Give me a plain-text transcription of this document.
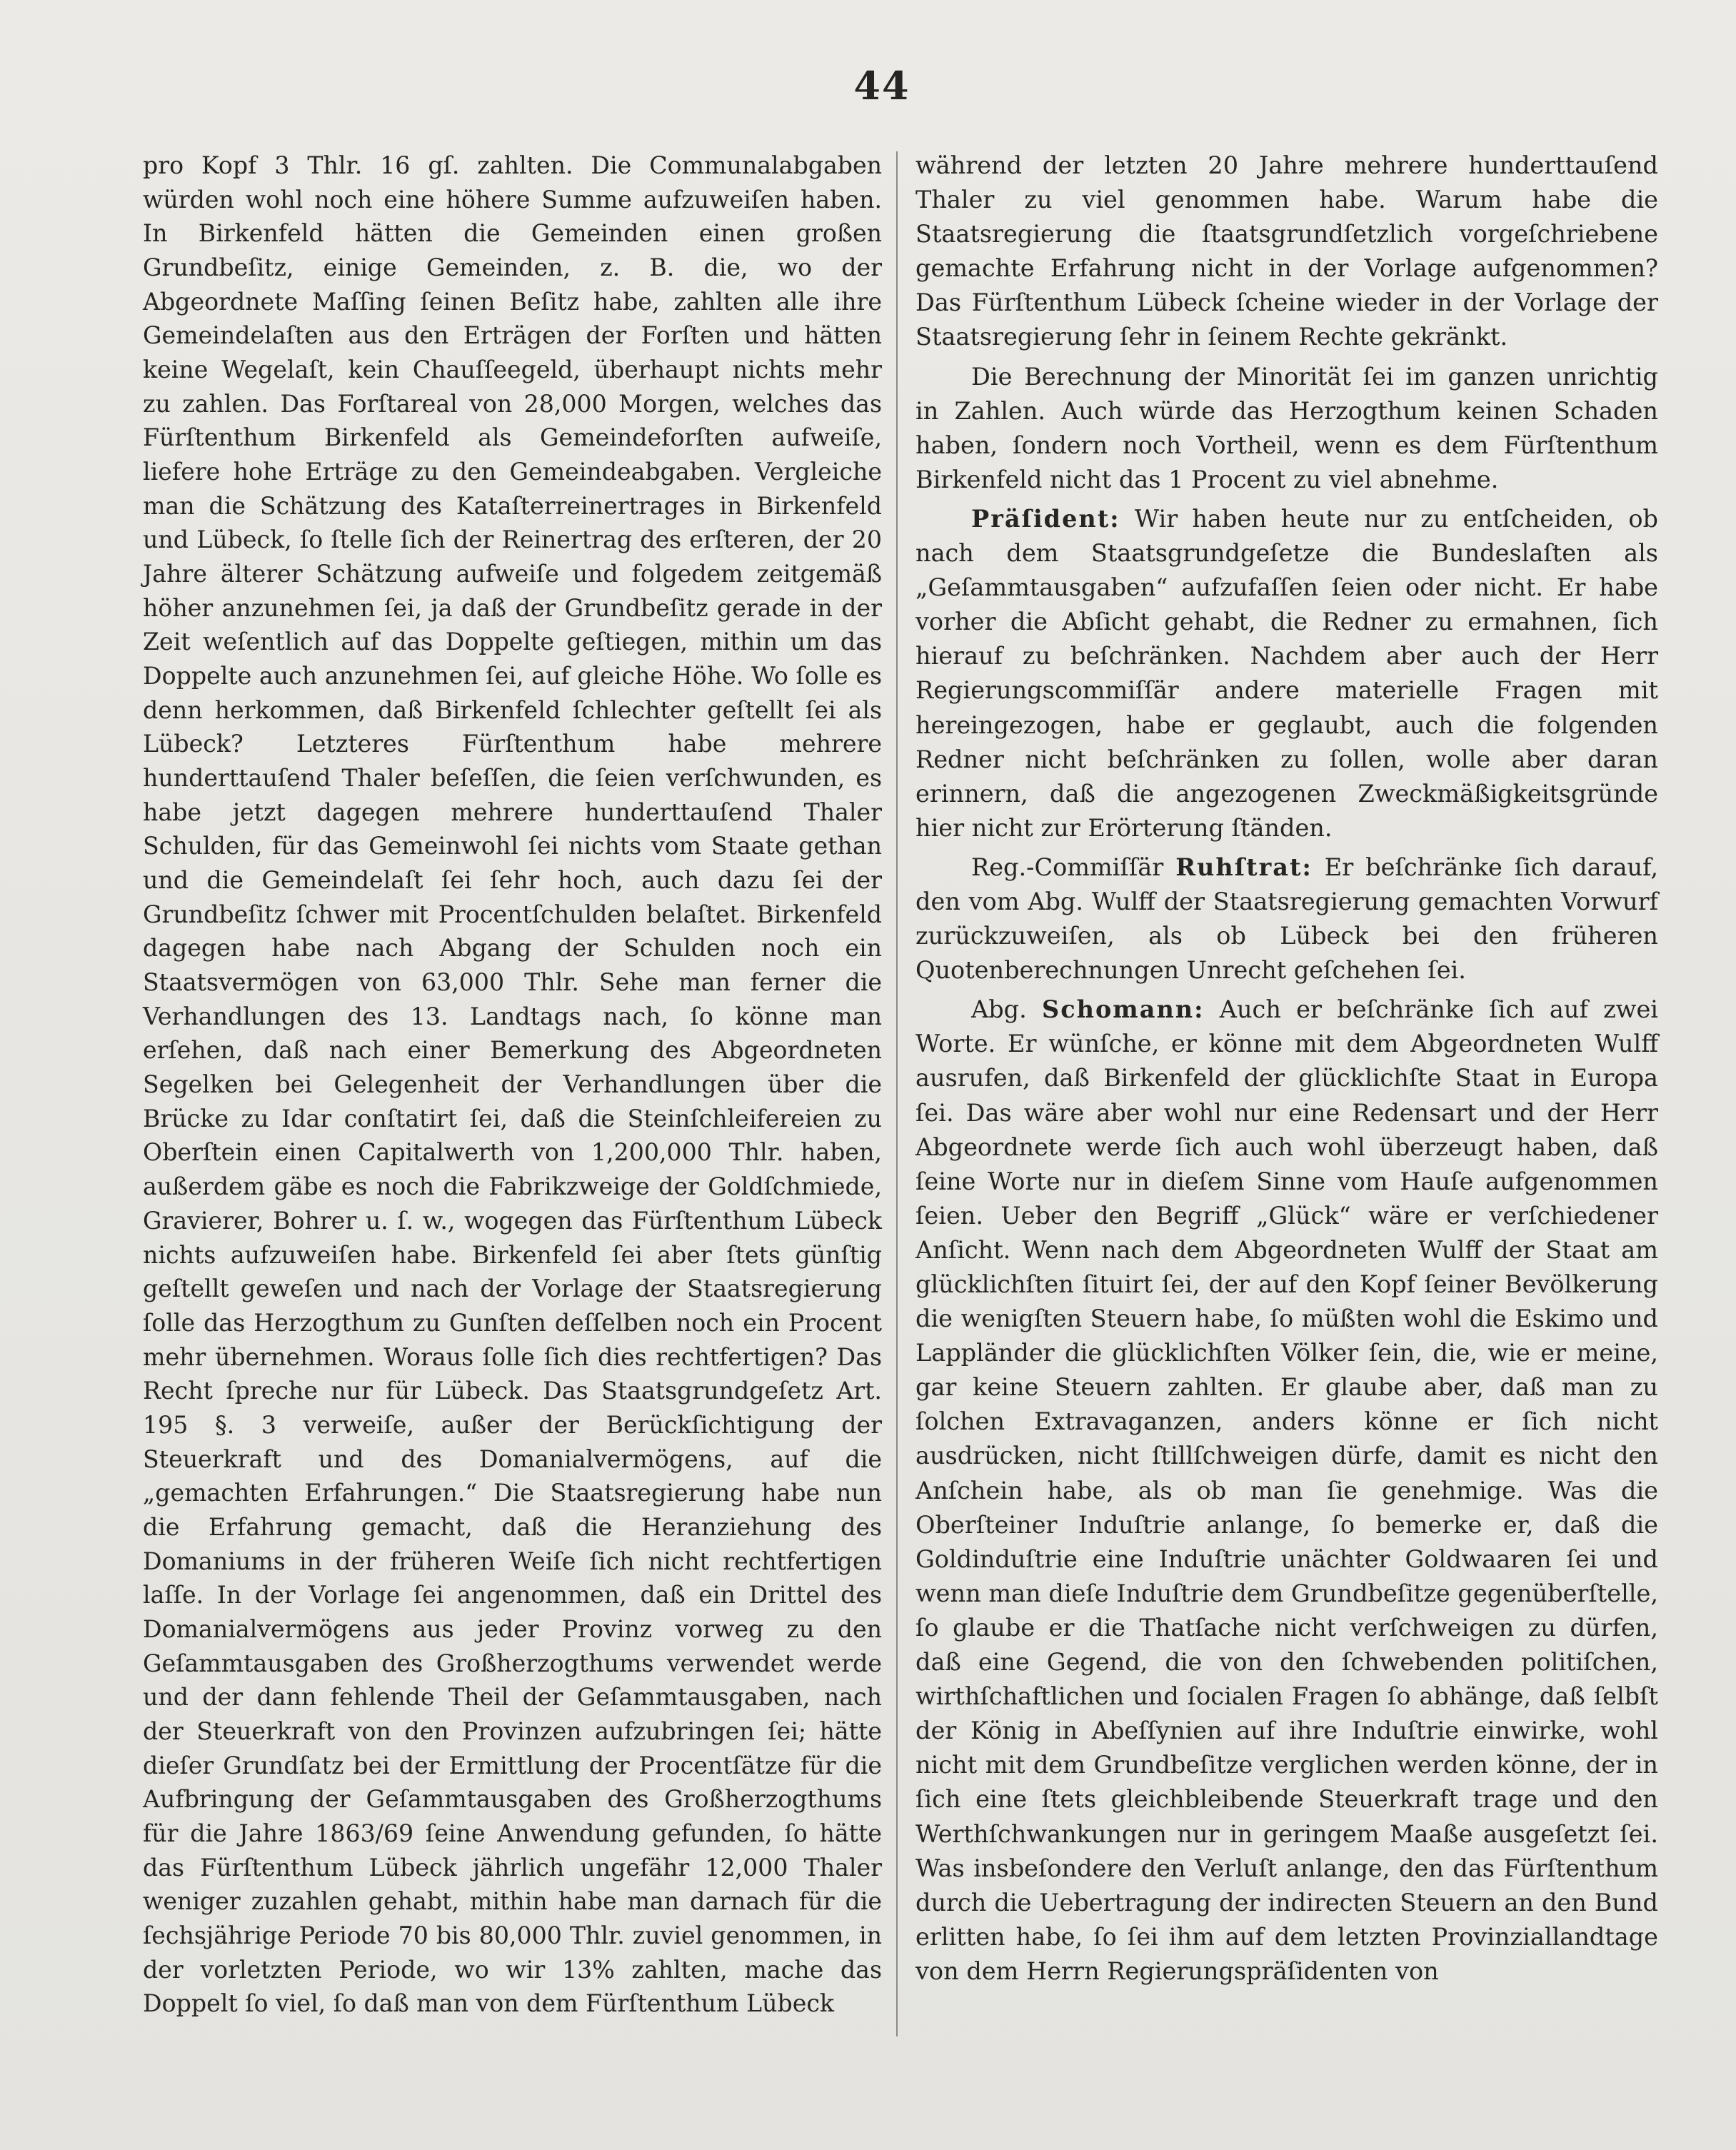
44

pro Kopf 3 Thlr. 16 gſ. zahlten. Die Communalabgaben würden wohl noch eine höhere Summe aufzuweiſen haben. In Birkenfeld hätten die Gemeinden einen großen Grundbeſitz, einige Gemeinden, z. B. die, wo der Abgeordnete Maſſing ſeinen Beſitz habe, zahlten alle ihre Gemeindelaſten aus den Erträgen der Forſten und hätten keine Wegelaſt, kein Chauſſeegeld, überhaupt nichts mehr zu zahlen. Das Forſtareal von 28,000 Morgen, welches das Fürſtenthum Birkenfeld als Gemeindeforſten aufweiſe, liefere hohe Erträge zu den Gemeindeabgaben. Vergleiche man die Schätzung des Kataſterreinertrages in Birkenfeld und Lübeck, ſo ſtelle ſich der Reinertrag des erſteren, der 20 Jahre älterer Schätzung aufweiſe und folgedem zeitgemäß höher anzunehmen ſei, ja daß der Grundbeſitz gerade in der Zeit weſentlich auf das Doppelte geſtiegen, mithin um das Doppelte auch anzunehmen ſei, auf gleiche Höhe. Wo ſolle es denn herkommen, daß Birkenfeld ſchlechter geſtellt ſei als Lübeck? Letzteres Fürſtenthum habe mehrere hunderttauſend Thaler beſeſſen, die ſeien verſchwunden, es habe jetzt dagegen mehrere hunderttauſend Thaler Schulden, für das Gemeinwohl ſei nichts vom Staate gethan und die Gemeindelaſt ſei ſehr hoch, auch dazu ſei der Grundbeſitz ſchwer mit Procentſchulden belaſtet. Birkenfeld dagegen habe nach Abgang der Schulden noch ein Staatsvermögen von 63,000 Thlr. Sehe man ferner die Verhandlungen des 13. Landtags nach, ſo könne man erſehen, daß nach einer Bemerkung des Abgeordneten Segelken bei Gelegenheit der Verhandlungen über die Brücke zu Idar conſtatirt ſei, daß die Steinſchleifereien zu Oberſtein einen Capitalwerth von 1,200,000 Thlr. haben, außerdem gäbe es noch die Fabrikzweige der Goldſchmiede, Gravierer, Bohrer u. ſ. w., wogegen das Fürſtenthum Lübeck nichts aufzuweiſen habe. Birkenfeld ſei aber ſtets günſtig geſtellt geweſen und nach der Vorlage der Staatsregierung ſolle das Herzogthum zu Gunſten deſſelben noch ein Procent mehr übernehmen. Woraus ſolle ſich dies rechtfertigen? Das Recht ſpreche nur für Lübeck. Das Staatsgrundgeſetz Art. 195 §. 3 verweiſe, außer der Berückſichtigung der Steuerkraft und des Domanialvermögens, auf die „gemachten Erfahrungen.“ Die Staatsregierung habe nun die Erfahrung gemacht, daß die Heranziehung des Domaniums in der früheren Weiſe ſich nicht rechtfertigen laſſe. In der Vorlage ſei angenommen, daß ein Drittel des Domanialvermögens aus jeder Provinz vorweg zu den Geſammtausgaben des Großherzogthums verwendet werde und der dann fehlende Theil der Geſammtausgaben, nach der Steuerkraft von den Provinzen aufzubringen ſei; hätte dieſer Grundſatz bei der Ermittlung der Procentſätze für die Aufbringung der Geſammtausgaben des Großherzogthums für die Jahre 1863/69 ſeine Anwendung gefunden, ſo hätte das Fürſtenthum Lübeck jährlich ungefähr 12,000 Thaler weniger zuzahlen gehabt, mithin habe man darnach für die ſechsjährige Periode 70 bis 80,000 Thlr. zuviel genommen, in der vorletzten Periode, wo wir 13% zahlten, mache das Doppelt ſo viel, ſo daß man von dem Fürſtenthum Lübeck

während der letzten 20 Jahre mehrere hunderttauſend Thaler zu viel genommen habe. Warum habe die Staatsregierung die ſtaatsgrundſetzlich vorgeſchriebene gemachte Erfahrung nicht in der Vorlage aufgenommen? Das Fürſtenthum Lübeck ſcheine wieder in der Vorlage der Staatsregierung ſehr in ſeinem Rechte gekränkt.

Die Berechnung der Minorität ſei im ganzen unrichtig in Zahlen. Auch würde das Herzogthum keinen Schaden haben, ſondern noch Vortheil, wenn es dem Fürſtenthum Birkenfeld nicht das 1 Procent zu viel abnehme.

Präſident: Wir haben heute nur zu entſcheiden, ob nach dem Staatsgrundgeſetze die Bundeslaſten als „Geſammtausgaben“ aufzufaſſen ſeien oder nicht. Er habe vorher die Abſicht gehabt, die Redner zu ermahnen, ſich hierauf zu beſchränken. Nachdem aber auch der Herr Regierungscommiſſär andere materielle Fragen mit hereingezogen, habe er geglaubt, auch die folgenden Redner nicht beſchränken zu ſollen, wolle aber daran erinnern, daß die angezogenen Zweckmäßigkeitsgründe hier nicht zur Erörterung ſtänden.

Reg.-Commiſſär Ruhſtrat: Er beſchränke ſich darauf, den vom Abg. Wulff der Staatsregierung gemachten Vorwurf zurückzuweiſen, als ob Lübeck bei den früheren Quotenberechnungen Unrecht geſchehen ſei.

Abg. Schomann: Auch er beſchränke ſich auf zwei Worte. Er wünſche, er könne mit dem Abgeordneten Wulff ausrufen, daß Birkenfeld der glücklichſte Staat in Europa ſei. Das wäre aber wohl nur eine Redensart und der Herr Abgeordnete werde ſich auch wohl überzeugt haben, daß ſeine Worte nur in dieſem Sinne vom Hauſe aufgenommen ſeien. Ueber den Begriff „Glück“ wäre er verſchiedener Anſicht. Wenn nach dem Abgeordneten Wulff der Staat am glücklichſten ſituirt ſei, der auf den Kopf ſeiner Bevölkerung die wenigſten Steuern habe, ſo müßten wohl die Eskimo und Lappländer die glücklichſten Völker ſein, die, wie er meine, gar keine Steuern zahlten. Er glaube aber, daß man zu ſolchen Extravaganzen, anders könne er ſich nicht ausdrücken, nicht ſtillſchweigen dürfe, damit es nicht den Anſchein habe, als ob man ſie genehmige. Was die Oberſteiner Induſtrie anlange, ſo bemerke er, daß die Goldinduſtrie eine Induſtrie unächter Goldwaaren ſei und wenn man dieſe Induſtrie dem Grundbeſitze gegenüberſtelle, ſo glaube er die Thatſache nicht verſchweigen zu dürfen, daß eine Gegend, die von den ſchwebenden politiſchen, wirthſchaftlichen und ſocialen Fragen ſo abhänge, daß ſelbſt der König in Abeſſynien auf ihre Induſtrie einwirke, wohl nicht mit dem Grundbeſitze verglichen werden könne, der in ſich eine ſtets gleichbleibende Steuerkraft trage und den Werthſchwankungen nur in geringem Maaße ausgeſetzt ſei. Was insbeſondere den Verluſt anlange, den das Fürſtenthum durch die Uebertragung der indirecten Steuern an den Bund erlitten habe, ſo ſei ihm auf dem letzten Provinziallandtage von dem Herrn Regierungspräſidenten von
